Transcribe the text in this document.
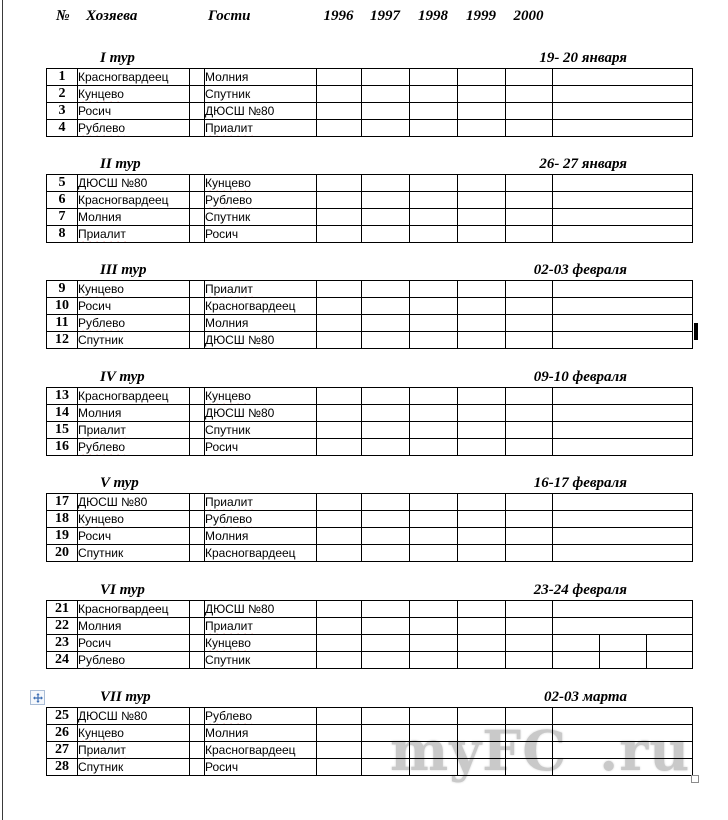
№ Хозяева	Гости	1996	1997	1998	1999	2000
I тур	19- 20 января
1	Красногвардеец		Молния						
2	Кунцево		Спутник						
3	Росич		ДЮСШ №80						
4	Рублево		Приалит						
II тур	26- 27 января
5	ДЮСШ №80		Кунцево						
6	Красногвардеец		Рублево						
7	Молния		Спутник						
8	Приалит		Росич						
III тур	02-03 февраля
9	Кунцево		Приалит						
10	Росич		Красногвардеец						
11	Рублево		Молния						
12	Спутник		ДЮСШ №80						
IV тур	09-10 февраля
13	Красногвардеец		Кунцево						
14	Молния		ДЮСШ №80						
15	Приалит		Спутник						
16	Рублево		Росич						
V тур	16-17 февраля
17	ДЮСШ №80		Приалит						
18	Кунцево		Рублево						
19	Росич		Молния						
20	Спутник		Красногвардеец						
VI тур	23-24 февраля
21	Красногвардеец		ДЮСШ №80								
22	Молния		Приалит								
23	Росич		Кунцево								
24	Рублево		Спутник								
VII тур	02-03 марта
25	ДЮСШ №80		Рублево						
26	Кунцево		Молния						
27	Приалит		Красногвардеец						
28	Спутник		Росич							myFC .ru
